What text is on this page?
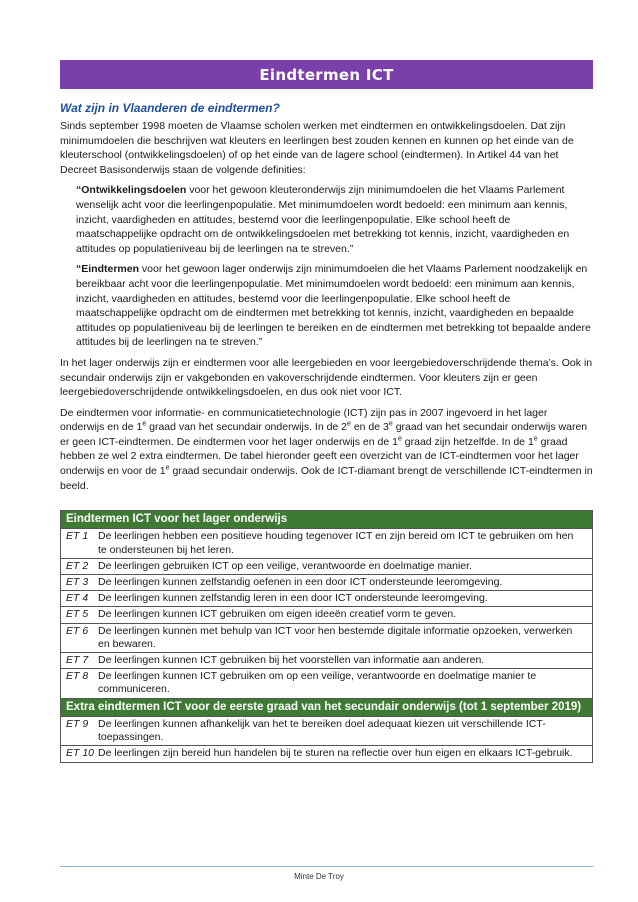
Eindtermen ICT
Wat zijn in Vlaanderen de eindtermen?

Sinds september 1998 moeten de Vlaamse scholen werken met eindtermen en ontwikkelingsdoelen. Dat zijn minimumdoelen die beschrijven wat kleuters en leerlingen best zouden kennen en kunnen op het einde van de kleuterschool (ontwikkelingsdoelen) of op het einde van de lagere school (eindtermen). In Artikel 44 van het Decreet Basisonderwijs staan de volgende definities:

“Ontwikkelingsdoelen voor het gewoon kleuteronderwijs zijn minimumdoelen die het Vlaams Parlement wenselijk acht voor die leerlingenpopulatie. Met minimumdoelen wordt bedoeld: een minimum aan kennis, inzicht, vaardigheden en attitudes, bestemd voor die leerlingenpopulatie. Elke school heeft de maatschappelijke opdracht om de ontwikkelingsdoelen met betrekking tot kennis, inzicht, vaardigheden en attitudes op populatieniveau bij de leerlingen na te streven.”
“Eindtermen voor het gewoon lager onderwijs zijn minimumdoelen die het Vlaams Parlement noodzakelijk en bereikbaar acht voor die leerlingenpopulatie. Met minimumdoelen wordt bedoeld: een minimum aan kennis, inzicht, vaardigheden en attitudes, bestemd voor die leerlingenpopulatie. Elke school heeft de maatschappelijke opdracht om de eindtermen met betrekking tot kennis, inzicht, vaardigheden en bepaalde attitudes op populatieniveau bij de leerlingen te bereiken en de eindtermen met betrekking tot bepaalde andere attitudes bij de leerlingen na te streven.”

In het lager onderwijs zijn er eindtermen voor alle leergebieden en voor leergebiedoverschrijdende thema’s. Ook in secundair onderwijs zijn er vakgebonden en vakoverschrijdende eindtermen. Voor kleuters zijn er geen leergebiedoverschrijdende ontwikkelingsdoelen, en dus ook niet voor ICT.

De eindtermen voor informatie- en communicatietechnologie (ICT) zijn pas in 2007 ingevoerd in het lager onderwijs en de 1e graad van het secundair onderwijs. In de 2e en de 3e graad van het secundair onderwijs waren er geen ICT-eindtermen. De eindtermen voor het lager onderwijs en de 1e graad zijn hetzelfde. In de 1e graad hebben ze wel 2 extra eindtermen. De tabel hieronder geeft een overzicht van de ICT-eindtermen voor het lager onderwijs en voor de 1e graad secundair onderwijs. Ook de ICT-diamant brengt de verschillende ICT-eindtermen in beeld.

Eindtermen ICT voor het lager onderwijs
ET 1 De leerlingen hebben een positieve houding tegenover ICT en zijn bereid om ICT te gebruiken om hen te ondersteunen bij het leren.
ET 2 De leerlingen gebruiken ICT op een veilige, verantwoorde en doelmatige manier.
ET 3 De leerlingen kunnen zelfstandig oefenen in een door ICT ondersteunde leeromgeving.
ET 4 De leerlingen kunnen zelfstandig leren in een door ICT ondersteunde leeromgeving.
ET 5 De leerlingen kunnen ICT gebruiken om eigen ideeën creatief vorm te geven.
ET 6 De leerlingen kunnen met behulp van ICT voor hen bestemde digitale informatie opzoeken, verwerken en bewaren.
ET 7 De leerlingen kunnen ICT gebruiken bij het voorstellen van informatie aan anderen.
ET 8 De leerlingen kunnen ICT gebruiken om op een veilige, verantwoorde en doelmatige manier te communiceren.
Extra eindtermen ICT voor de eerste graad van het secundair onderwijs (tot 1 september 2019)
ET 9 De leerlingen kunnen afhankelijk van het te bereiken doel adequaat kiezen uit verschillende ICT-toepassingen.
ET 10 De leerlingen zijn bereid hun handelen bij te sturen na reflectie over hun eigen en elkaars ICT-gebruik.
Minte De Troy
